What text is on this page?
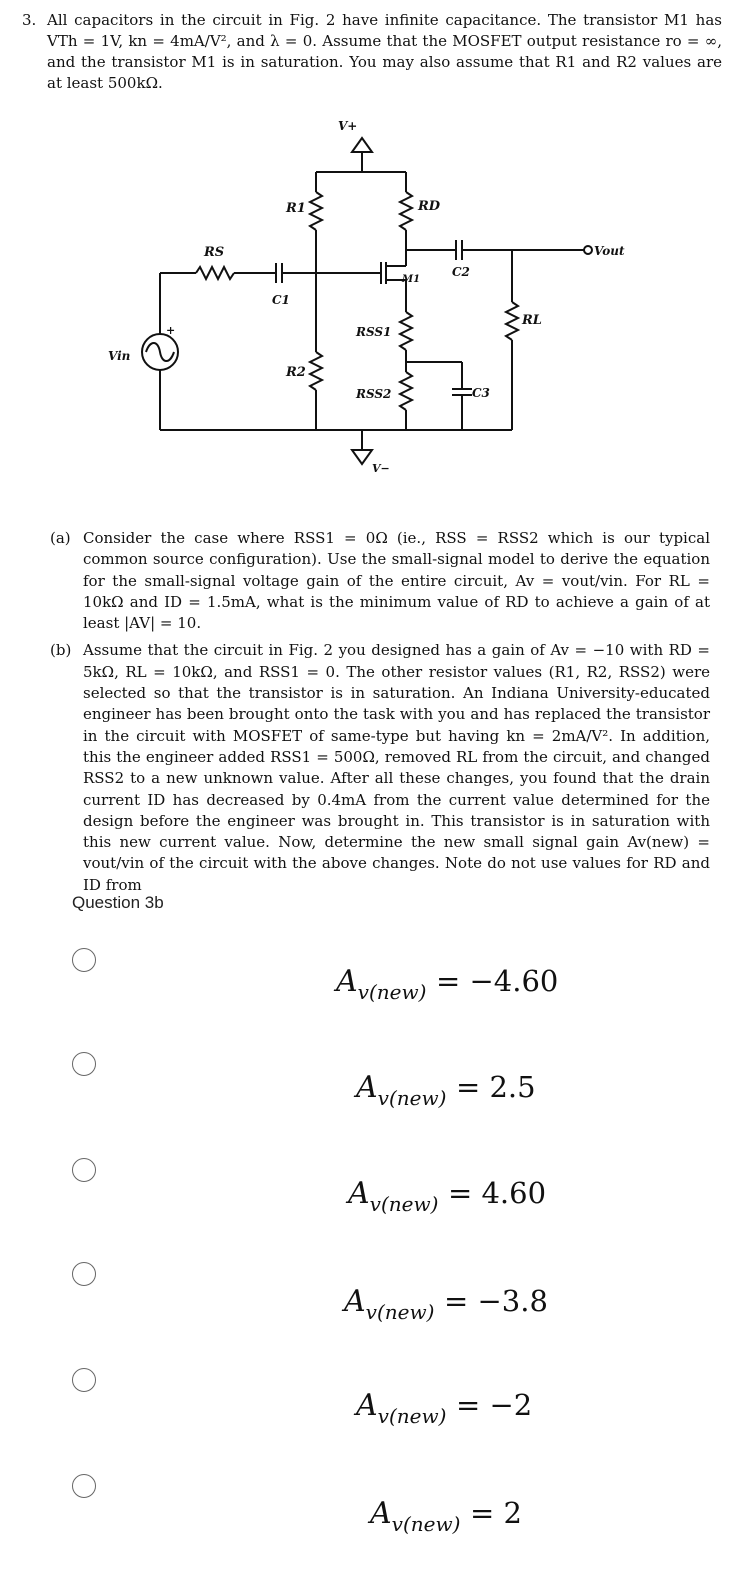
3. All capacitors in the circuit in Fig. 2 have infinite capacitance. The transistor M1 has VTh = 1V, kn = 4mA/V², and λ = 0. Assume that the MOSFET output resistance ro = ∞, and the transistor M1 is in saturation. You may also assume that R1 and R2 values are at least 500kΩ.
V+
R1
R2
RS
RD
C1
C2
C3
M1
RSS1
RSS2
RL
Vin
Vout
+
V−
(a) Consider the case where RSS1 = 0Ω (ie., RSS = RSS2 which is our typical common source configuration). Use the small-signal model to derive the equation for the small-signal voltage gain of the entire circuit, Av = vout/vin. For RL = 10kΩ and ID = 1.5mA, what is the minimum value of RD to achieve a gain of at least |AV| = 10.
(b) Assume that the circuit in Fig. 2 you designed has a gain of Av = −10 with RD = 5kΩ, RL = 10kΩ, and RSS1 = 0. The other resistor values (R1, R2, RSS2) were selected so that the transistor is in saturation. An Indiana University-educated engineer has been brought onto the task with you and has replaced the transistor in the circuit with MOSFET of same-type but having kn = 2mA/V². In addition, this the engineer added RSS1 = 500Ω, removed RL from the circuit, and changed RSS2 to a new unknown value. After all these changes, you found that the drain current ID has decreased by 0.4mA from the current value determined for the design before the engineer was brought in. This transistor is in saturation with this new current value. Now, determine the new small signal gain Av(new) = vout/vin of the circuit with the above changes. Note do not use values for RD and ID from
Question 3b
$A_{v(new)} = -4.60$
$A_{v(new)} = 2.5$
$A_{v(new)} = 4.60$
$A_{v(new)} = -3.8$
$A_{v(new)} = -2$
$A_{v(new)} = 2$
